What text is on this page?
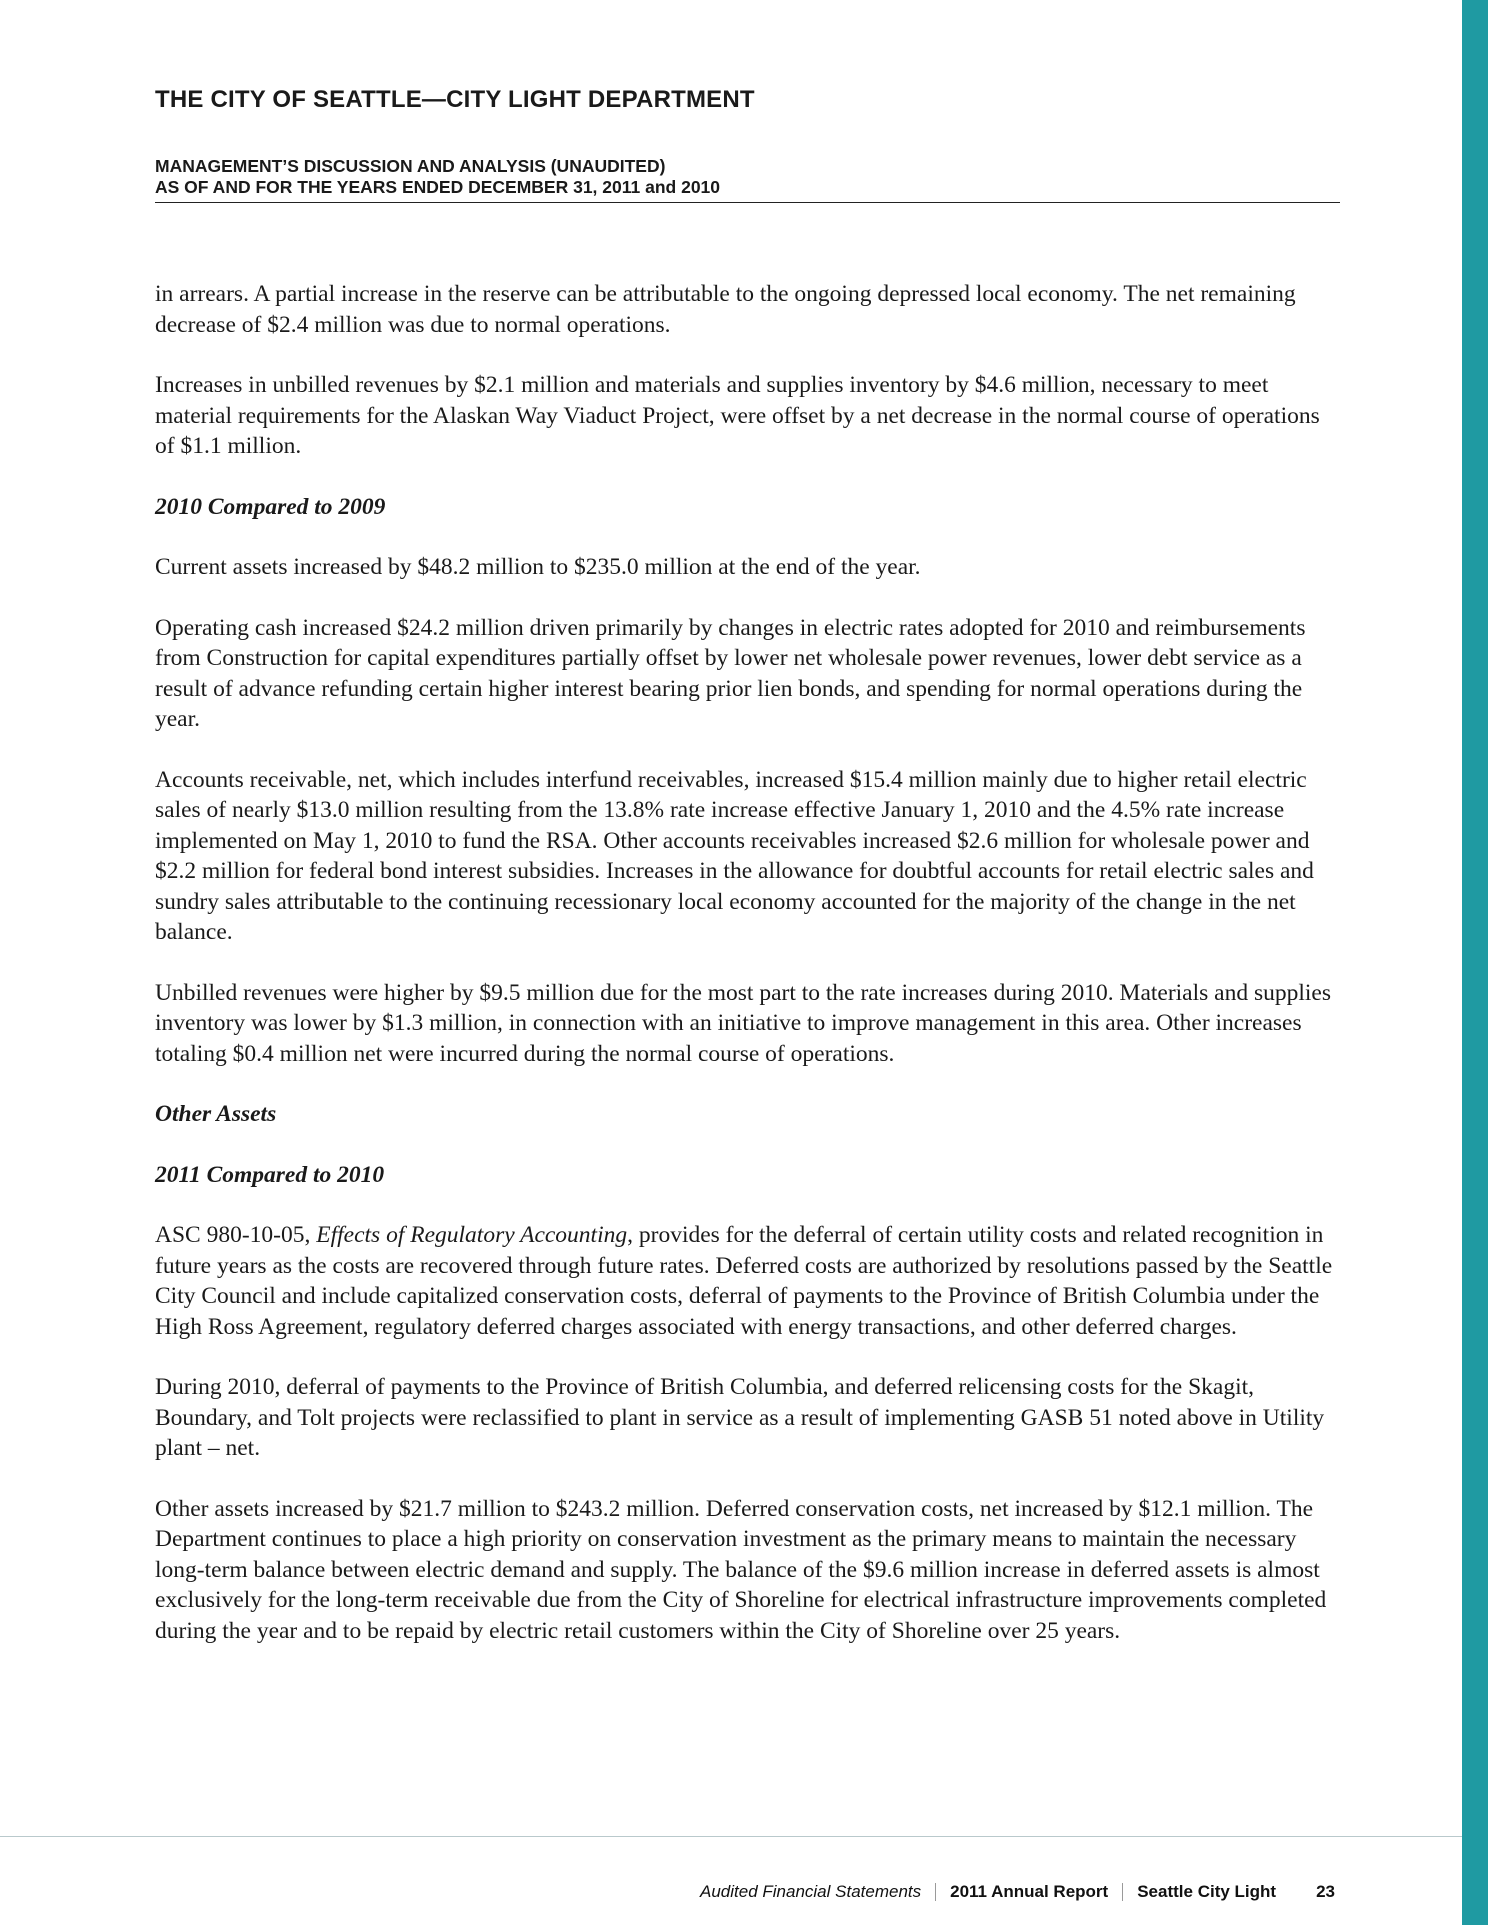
THE CITY OF SEATTLE—CITY LIGHT DEPARTMENT

MANAGEMENT’S DISCUSSION AND ANALYSIS (UNAUDITED)

AS OF AND FOR THE YEARS ENDED DECEMBER 31, 2011 and 2010

in arrears. A partial increase in the reserve can be attributable to the ongoing depressed local economy. The net remaining decrease of $2.4 million was due to normal operations.

Increases in unbilled revenues by $2.1 million and materials and supplies inventory by $4.6 million, necessary to meet material requirements for the Alaskan Way Viaduct Project, were offset by a net decrease in the normal course of operations of $1.1 million.

2010 Compared to 2009

Current assets increased by $48.2 million to $235.0 million at the end of the year.

Operating cash increased $24.2 million driven primarily by changes in electric rates adopted for 2010 and reimbursements from Construction for capital expenditures partially offset by lower net wholesale power revenues, lower debt service as a result of advance refunding certain higher interest bearing prior lien bonds, and spending for normal operations during the year.

Accounts receivable, net, which includes interfund receivables, increased $15.4 million mainly due to higher retail electric sales of nearly $13.0 million resulting from the 13.8% rate increase effective January 1, 2010 and the 4.5% rate increase implemented on May 1, 2010 to fund the RSA. Other accounts receivables increased $2.6 million for wholesale power and $2.2 million for federal bond interest subsidies. Increases in the allowance for doubtful accounts for retail electric sales and sundry sales attributable to the continuing recessionary local economy accounted for the majority of the change in the net balance.

Unbilled revenues were higher by $9.5 million due for the most part to the rate increases during 2010. Materials and supplies inventory was lower by $1.3 million, in connection with an initiative to improve management in this area. Other increases totaling $0.4 million net were incurred during the normal course of operations.

Other Assets

2011 Compared to 2010

ASC 980-10-05, Effects of Regulatory Accounting, provides for the deferral of certain utility costs and related recognition in future years as the costs are recovered through future rates. Deferred costs are authorized by resolutions passed by the Seattle City Council and include capitalized conservation costs, deferral of payments to the Province of British Columbia under the High Ross Agreement, regulatory deferred charges associated with energy transactions, and other deferred charges.

During 2010, deferral of payments to the Province of British Columbia, and deferred relicensing costs for the Skagit, Boundary, and Tolt projects were reclassified to plant in service as a result of implementing GASB 51 noted above in Utility plant – net.

Other assets increased by $21.7 million to $243.2 million. Deferred conservation costs, net increased by $12.1 million. The Department continues to place a high priority on conservation investment as the primary means to maintain the necessary long-term balance between electric demand and supply. The balance of the $9.6 million increase in deferred assets is almost exclusively for the long-term receivable due from the City of Shoreline for electrical infrastructure improvements completed during the year and to be repaid by electric retail customers within the City of Shoreline over 25 years.

Audited Financial Statements 2011 Annual Report Seattle City Light 23
